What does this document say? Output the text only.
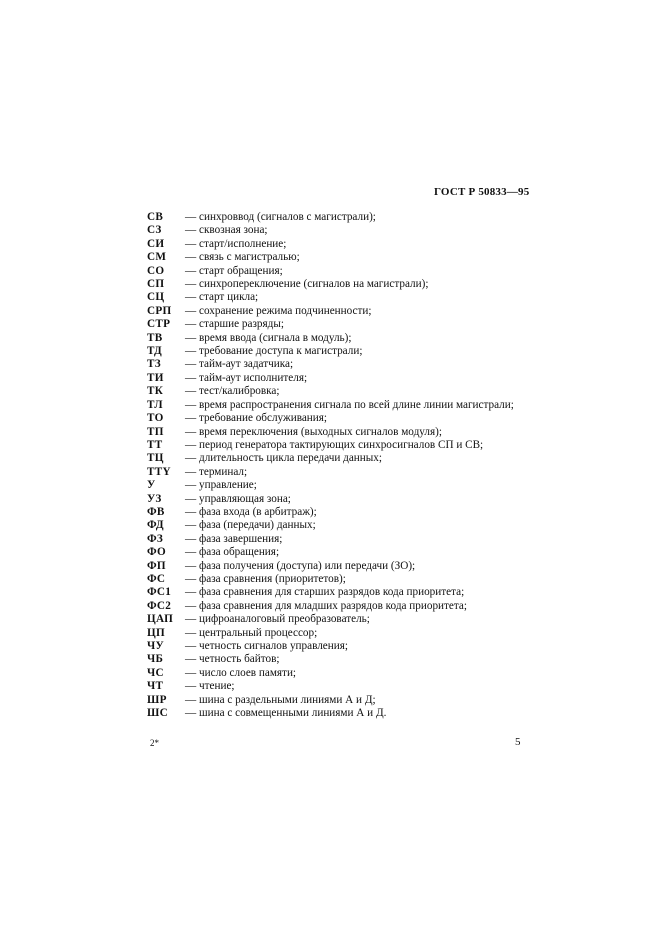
ГОСТ Р 50833—95
СВ	— синхроввод (сигналов с магистрали);
СЗ	— сквозная зона;
СИ	— старт/исполнение;
СМ	— связь с магистралью;
СО	— старт обращения;
СП	— синхропереключение (сигналов на магистрали);
СЦ	— старт цикла;
СРП	— сохранение режима подчиненности;
СТР	— старшие разряды;
ТВ	— время ввода (сигнала в модуль);
ТД	— требование доступа к магистрали;
ТЗ	— тайм-аут задатчика;
ТИ	— тайм-аут исполнителя;
ТК	— тест/калибровка;
ТЛ	— время распространения сигнала по всей длине линии магистрали;
ТО	— требование обслуживания;
ТП	— время переключения (выходных сигналов модуля);
ТТ	— период генератора тактирующих синхросигналов СП и СВ;
ТЦ	— длительность цикла передачи данных;
TTY	— терминал;
У	— управление;
УЗ	— управляющая зона;
ФВ	— фаза входа (в арбитраж);
ФД	— фаза (передачи) данных;
ФЗ	— фаза завершения;
ФО	— фаза обращения;
ФП	— фаза получения (доступа) или передачи (ЗО);
ФС	— фаза сравнения (приоритетов);
ФС1	— фаза сравнения для старших разрядов кода приоритета;
ФС2	— фаза сравнения для младших разрядов кода приоритета;
ЦАП	— цифроаналоговый преобразователь;
ЦП	— центральный процессор;
ЧУ	— четность сигналов управления;
ЧБ	— четность байтов;
ЧС	— число слоев памяти;
ЧТ	— чтение;
ШР	— шина с раздельными линиями А и Д;
ШС	— шина с совмещенными линиями А и Д.
2*	5
